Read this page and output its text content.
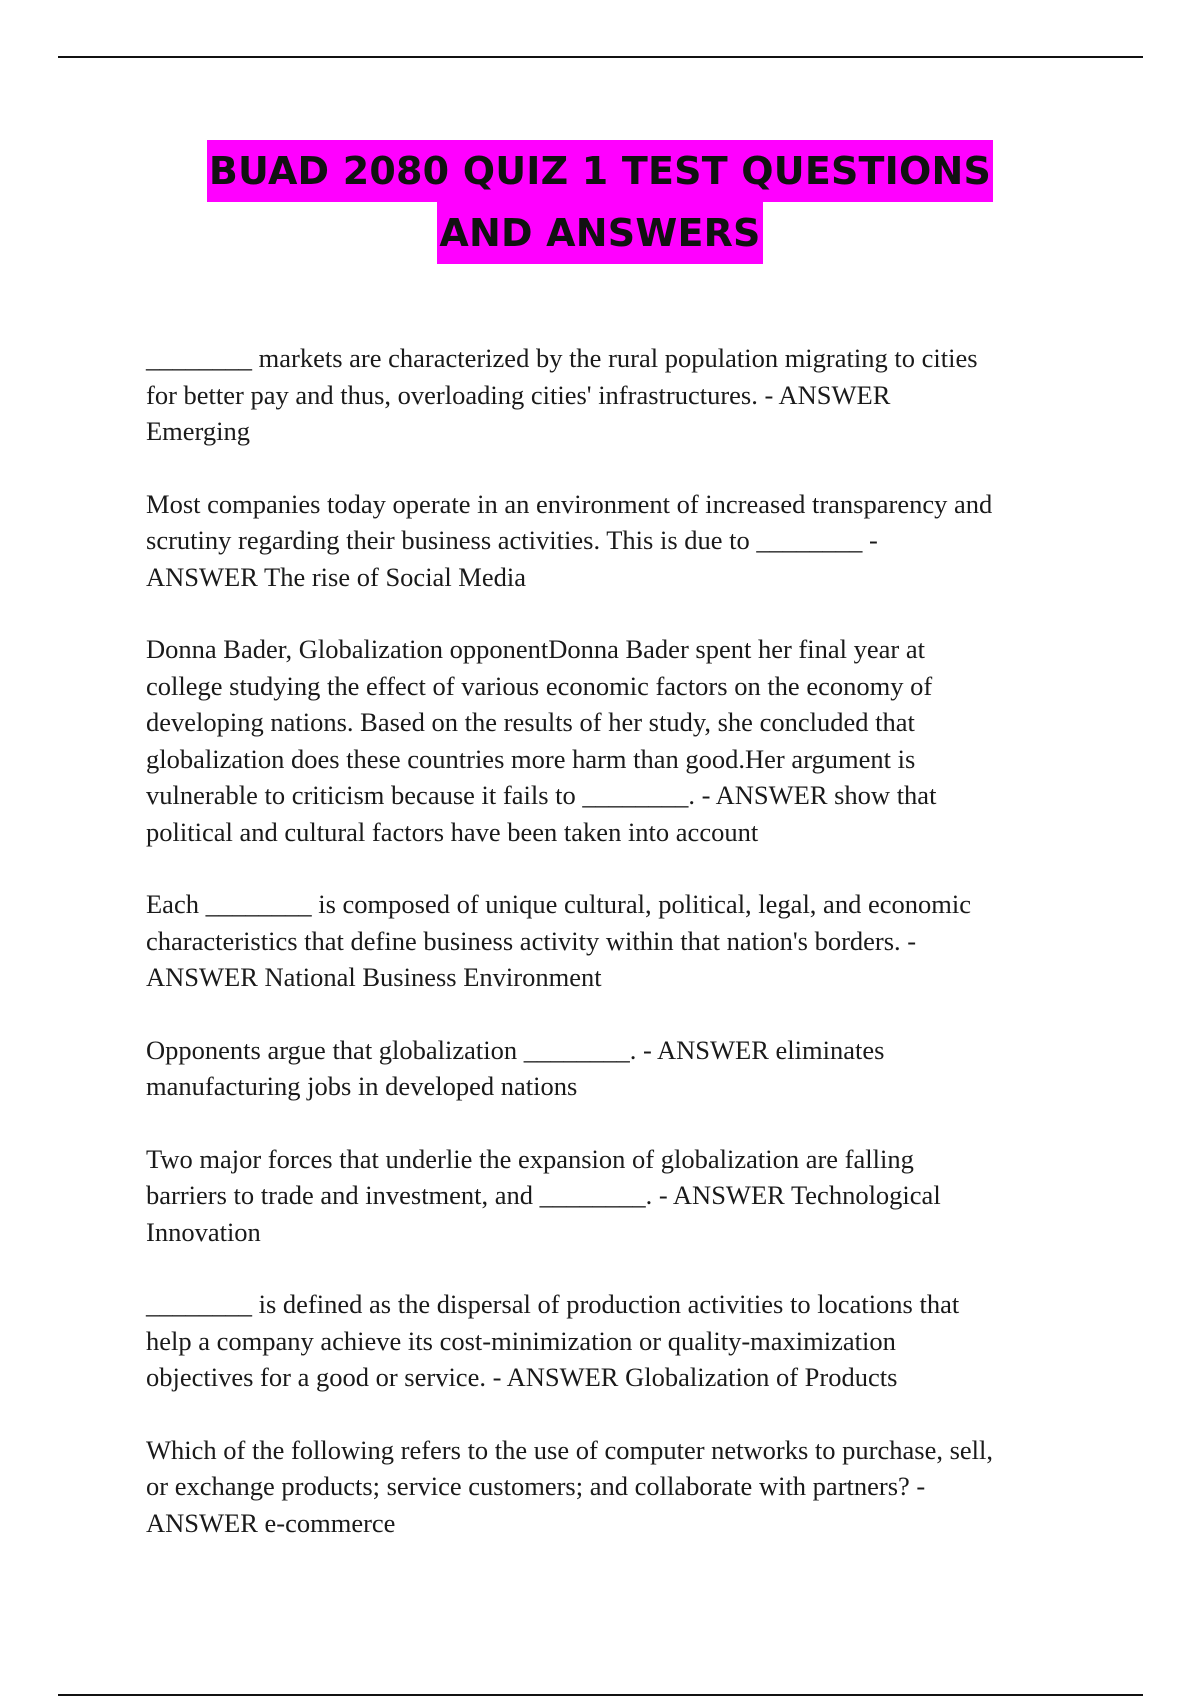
BUAD 2080 QUIZ 1 TEST QUESTIONS
AND ANSWERS

________ markets are characterized by the rural population migrating to cities
for better pay and thus, overloading cities' infrastructures. - ANSWER
Emerging

Most companies today operate in an environment of increased transparency and
scrutiny regarding their business activities. This is due to ________ -
ANSWER The rise of Social Media

Donna Bader, Globalization opponentDonna Bader spent her final year at
college studying the effect of various economic factors on the economy of
developing nations. Based on the results of her study, she concluded that
globalization does these countries more harm than good.Her argument is
vulnerable to criticism because it fails to ________. - ANSWER show that
political and cultural factors have been taken into account

Each ________ is composed of unique cultural, political, legal, and economic
characteristics that define business activity within that nation's borders. -
ANSWER National Business Environment

Opponents argue that globalization ________. - ANSWER eliminates
manufacturing jobs in developed nations

Two major forces that underlie the expansion of globalization are falling
barriers to trade and investment, and ________. - ANSWER Technological
Innovation

________ is defined as the dispersal of production activities to locations that
help a company achieve its cost-minimization or quality-maximization
objectives for a good or service. - ANSWER Globalization of Products

Which of the following refers to the use of computer networks to purchase, sell,
or exchange products; service customers; and collaborate with partners? -
ANSWER e-commerce
